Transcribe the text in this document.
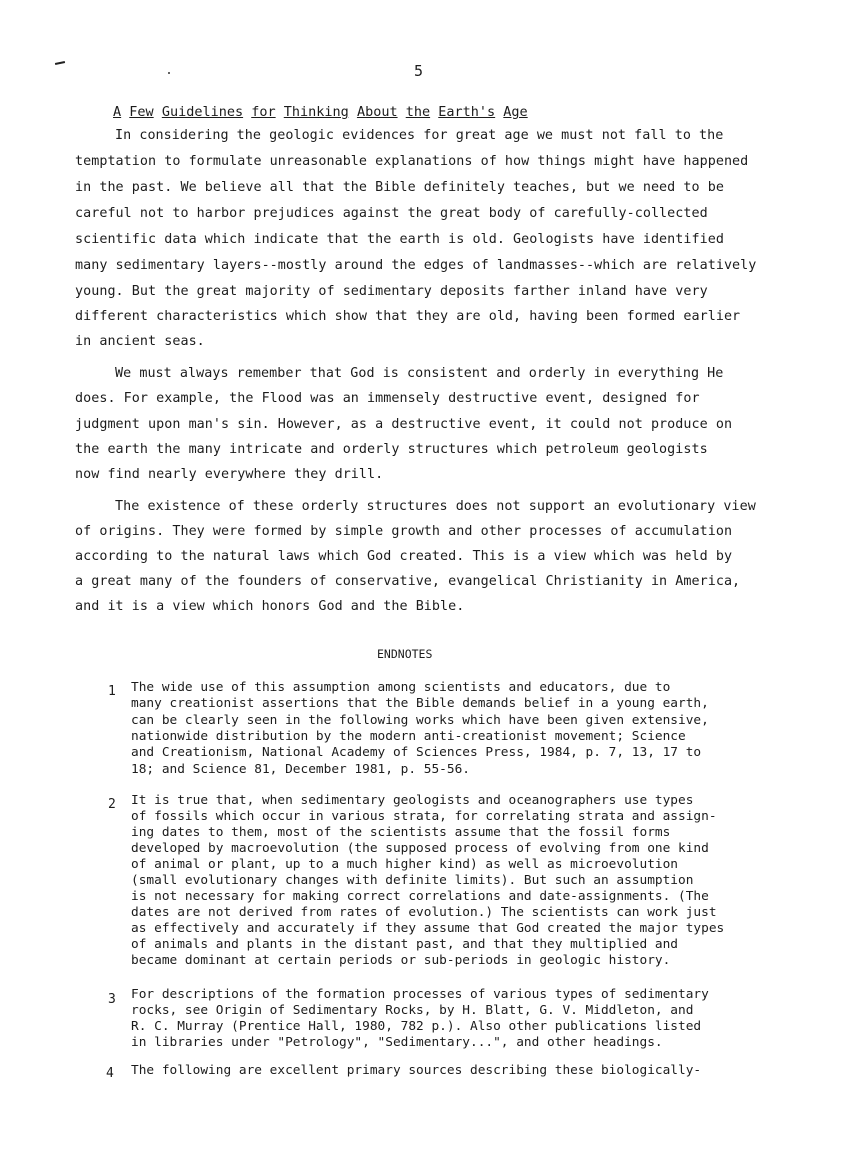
5
A Few Guidelines for Thinking About the Earth's Age
In considering the geologic evidences for great age we must not fall to the
temptation to formulate unreasonable explanations of how things might have happened
in the past. We believe all that the Bible definitely teaches, but we need to be
careful not to harbor prejudices against the great body of carefully-collected
scientific data which indicate that the earth is old. Geologists have identified
many sedimentary layers--mostly around the edges of landmasses--which are relatively
young. But the great majority of sedimentary deposits farther inland have very
different characteristics which show that they are old, having been formed earlier
in ancient seas.
We must always remember that God is consistent and orderly in everything He
does. For example, the Flood was an immensely destructive event, designed for
judgment upon man's sin. However, as a destructive event, it could not produce on
the earth the many intricate and orderly structures which petroleum geologists
now find nearly everywhere they drill.
The existence of these orderly structures does not support an evolutionary view
of origins. They were formed by simple growth and other processes of accumulation
according to the natural laws which God created. This is a view which was held by
a great many of the founders of conservative, evangelical Christianity in America,
and it is a view which honors God and the Bible.
ENDNOTES
1 The wide use of this assumption among scientists and educators, due to
many creationist assertions that the Bible demands belief in a young earth,
can be clearly seen in the following works which have been given extensive,
nationwide distribution by the modern anti-creationist movement; Science
and Creationism, National Academy of Sciences Press, 1984, p. 7, 13, 17 to
18; and Science 81, December 1981, p. 55-56.
2 It is true that, when sedimentary geologists and oceanographers use types
of fossils which occur in various strata, for correlating strata and assign-
ing dates to them, most of the scientists assume that the fossil forms
developed by macroevolution (the supposed process of evolving from one kind
of animal or plant, up to a much higher kind) as well as microevolution
(small evolutionary changes with definite limits). But such an assumption
is not necessary for making correct correlations and date-assignments. (The
dates are not derived from rates of evolution.) The scientists can work just
as effectively and accurately if they assume that God created the major types
of animals and plants in the distant past, and that they multiplied and
became dominant at certain periods or sub-periods in geologic history.
3 For descriptions of the formation processes of various types of sedimentary
rocks, see Origin of Sedimentary Rocks, by H. Blatt, G. V. Middleton, and
R. C. Murray (Prentice Hall, 1980, 782 p.). Also other publications listed
in libraries under "Petrology", "Sedimentary...", and other headings.
4 The following are excellent primary sources describing these biologically-
